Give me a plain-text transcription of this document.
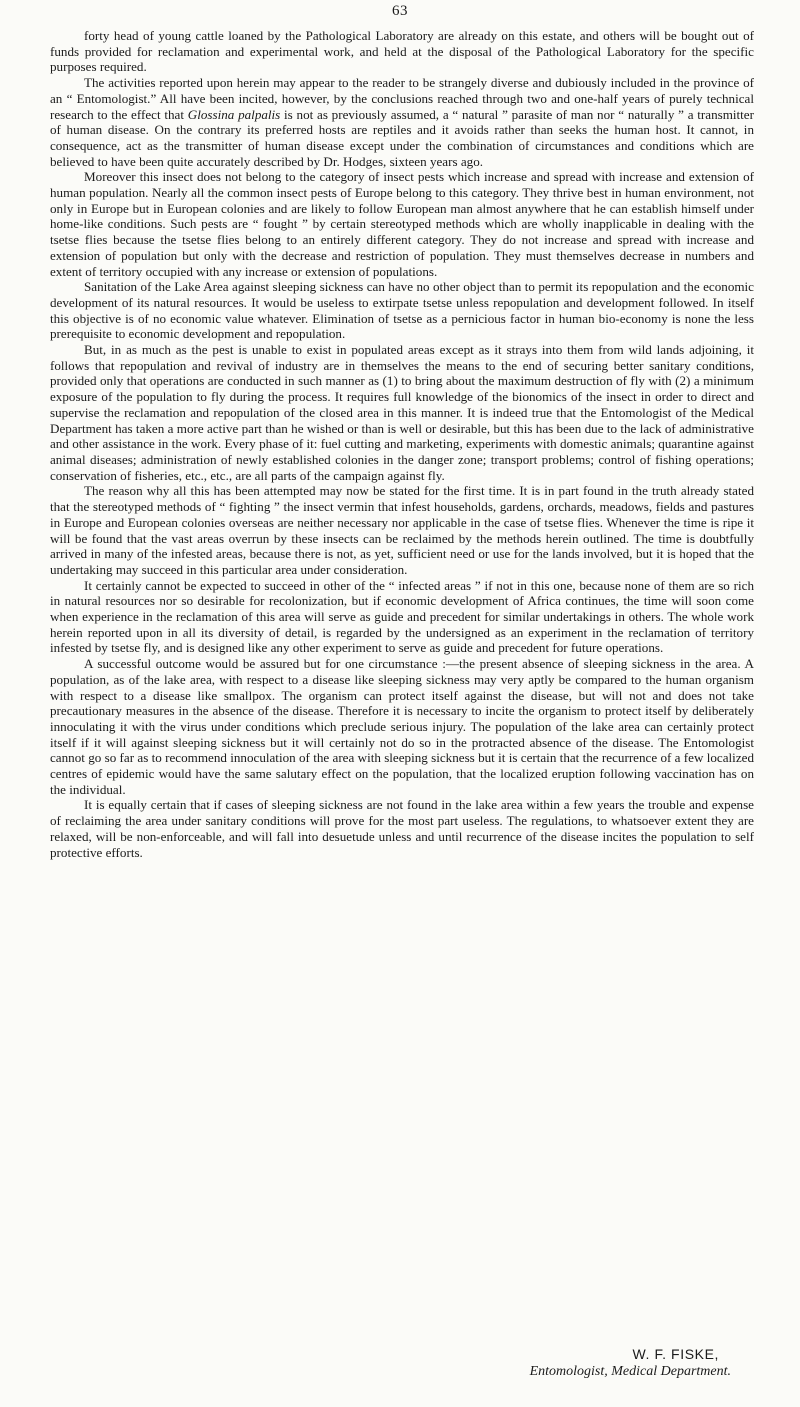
63

forty head of young cattle loaned by the Pathological Laboratory are already on this estate, and others will be bought out of funds provided for reclamation and experimental work, and held at the disposal of the Pathological Laboratory for the specific purposes required.

The activities reported upon herein may appear to the reader to be strangely diverse and dubiously included in the province of an “ Entomologist.” All have been incited, however, by the conclusions reached through two and one-half years of purely technical research to the effect that Glossina palpalis is not as previously assumed, a “ natural ” parasite of man nor “ naturally ” a transmitter of human disease. On the contrary its preferred hosts are reptiles and it avoids rather than seeks the human host. It cannot, in consequence, act as the transmitter of human disease except under the combination of circumstances and conditions which are believed to have been quite accurately described by Dr. Hodges, sixteen years ago.

Moreover this insect does not belong to the category of insect pests which increase and spread with increase and extension of human population. Nearly all the common insect pests of Europe belong to this category. They thrive best in human environment, not only in Europe but in European colonies and are likely to follow European man almost anywhere that he can establish himself under home-like conditions. Such pests are “ fought ” by certain stereotyped methods which are wholly inapplicable in dealing with the tsetse flies because the tsetse flies belong to an entirely different category. They do not increase and spread with increase and extension of population but only with the decrease and restriction of population. They must themselves decrease in numbers and extent of territory occupied with any increase or extension of populations.

Sanitation of the Lake Area against sleeping sickness can have no other object than to permit its repopulation and the economic development of its natural resources. It would be useless to extirpate tsetse unless repopulation and development followed. In itself this objective is of no economic value whatever. Elimination of tsetse as a pernicious factor in human bio-economy is none the less prerequisite to economic development and repopulation.

But, in as much as the pest is unable to exist in populated areas except as it strays into them from wild lands adjoining, it follows that repopulation and revival of industry are in themselves the means to the end of securing better sanitary conditions, provided only that operations are conducted in such manner as (1) to bring about the maximum destruction of fly with (2) a minimum exposure of the population to fly during the process. It requires full knowledge of the bionomics of the insect in order to direct and supervise the reclamation and repopulation of the closed area in this manner. It is indeed true that the Entomologist of the Medical Department has taken a more active part than he wished or than is well or desirable, but this has been due to the lack of administrative and other assistance in the work. Every phase of it: fuel cutting and marketing, experiments with domestic animals; quarantine against animal diseases; administration of newly established colonies in the danger zone; transport problems; control of fishing operations; conservation of fisheries, etc., etc., are all parts of the campaign against fly.

The reason why all this has been attempted may now be stated for the first time. It is in part found in the truth already stated that the stereotyped methods of “ fighting ” the insect vermin that infest households, gardens, orchards, meadows, fields and pastures in Europe and European colonies overseas are neither necessary nor applicable in the case of tsetse flies. Whenever the time is ripe it will be found that the vast areas overrun by these insects can be reclaimed by the methods herein outlined. The time is doubtfully arrived in many of the infested areas, because there is not, as yet, sufficient need or use for the lands involved, but it is hoped that the undertaking may succeed in this particular area under consideration.

It certainly cannot be expected to succeed in other of the “ infected areas ” if not in this one, because none of them are so rich in natural resources nor so desirable for recolonization, but if economic development of Africa continues, the time will soon come when experience in the reclamation of this area will serve as guide and precedent for similar undertakings in others. The whole work herein reported upon in all its diversity of detail, is regarded by the undersigned as an experiment in the reclamation of territory infested by tsetse fly, and is designed like any other experiment to serve as guide and precedent for future operations.

A successful outcome would be assured but for one circumstance :—the present absence of sleeping sickness in the area. A population, as of the lake area, with respect to a disease like sleeping sickness may very aptly be compared to the human organism with respect to a disease like smallpox. The organism can protect itself against the disease, but will not and does not take precautionary measures in the absence of the disease. Therefore it is necessary to incite the organism to protect itself by deliberately innoculating it with the virus under conditions which preclude serious injury. The population of the lake area can certainly protect itself if it will against sleeping sickness but it will certainly not do so in the protracted absence of the disease. The Entomologist cannot go so far as to recommend innoculation of the area with sleeping sickness but it is certain that the recurrence of a few localized centres of epidemic would have the same salutary effect on the population, that the localized eruption following vaccination has on the individual.

It is equally certain that if cases of sleeping sickness are not found in the lake area within a few years the trouble and expense of reclaiming the area under sanitary conditions will prove for the most part useless. The regulations, to whatsoever extent they are relaxed, will be non-enforceable, and will fall into desuetude unless and until recurrence of the disease incites the population to self protective efforts.

W. F. FISKE,
Entomologist, Medical Department.
